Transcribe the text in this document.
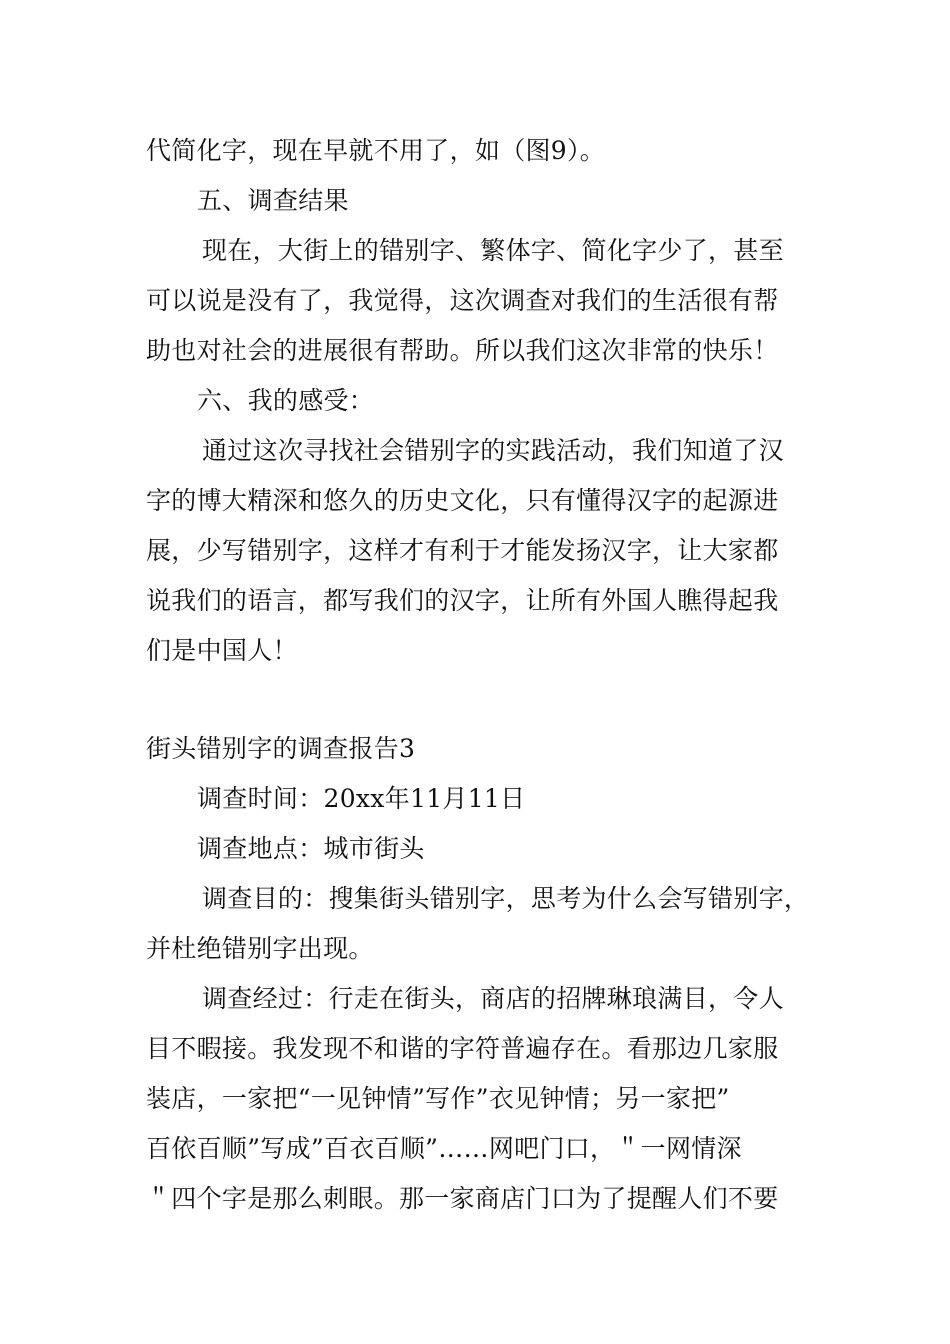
代简化字，现在早就不用了，如（图9）。
五、调查结果
现在，大街上的错别字、繁体字、简化字少了，甚至
可以说是没有了，我觉得，这次调查对我们的生活很有帮
助也对社会的进展很有帮助。所以我们这次非常的快乐！
六、我的感受：
通过这次寻找社会错别字的实践活动，我们知道了汉
字的博大精深和悠久的历史文化，只有懂得汉字的起源进
展，少写错别字，这样才有利于才能发扬汉字，让大家都
说我们的语言，都写我们的汉字，让所有外国人瞧得起我
们是中国人！
街头错别字的调查报告3
调查时间：20xx年11月11日
调查地点：城市街头
调查目的：搜集街头错别字，思考为什么会写错别字，
并杜绝错别字出现。
调查经过：行走在街头，商店的招牌琳琅满目，令人
目不暇接。我发现不和谐的字符普遍存在。看那边几家服
装店，一家把“一见钟情”写作”衣见钟情；另一家把”
百依百顺”写成”百衣百顺”……网吧门口，＂一网情深
＂四个字是那么刺眼。那一家商店门口为了提醒人们不要
